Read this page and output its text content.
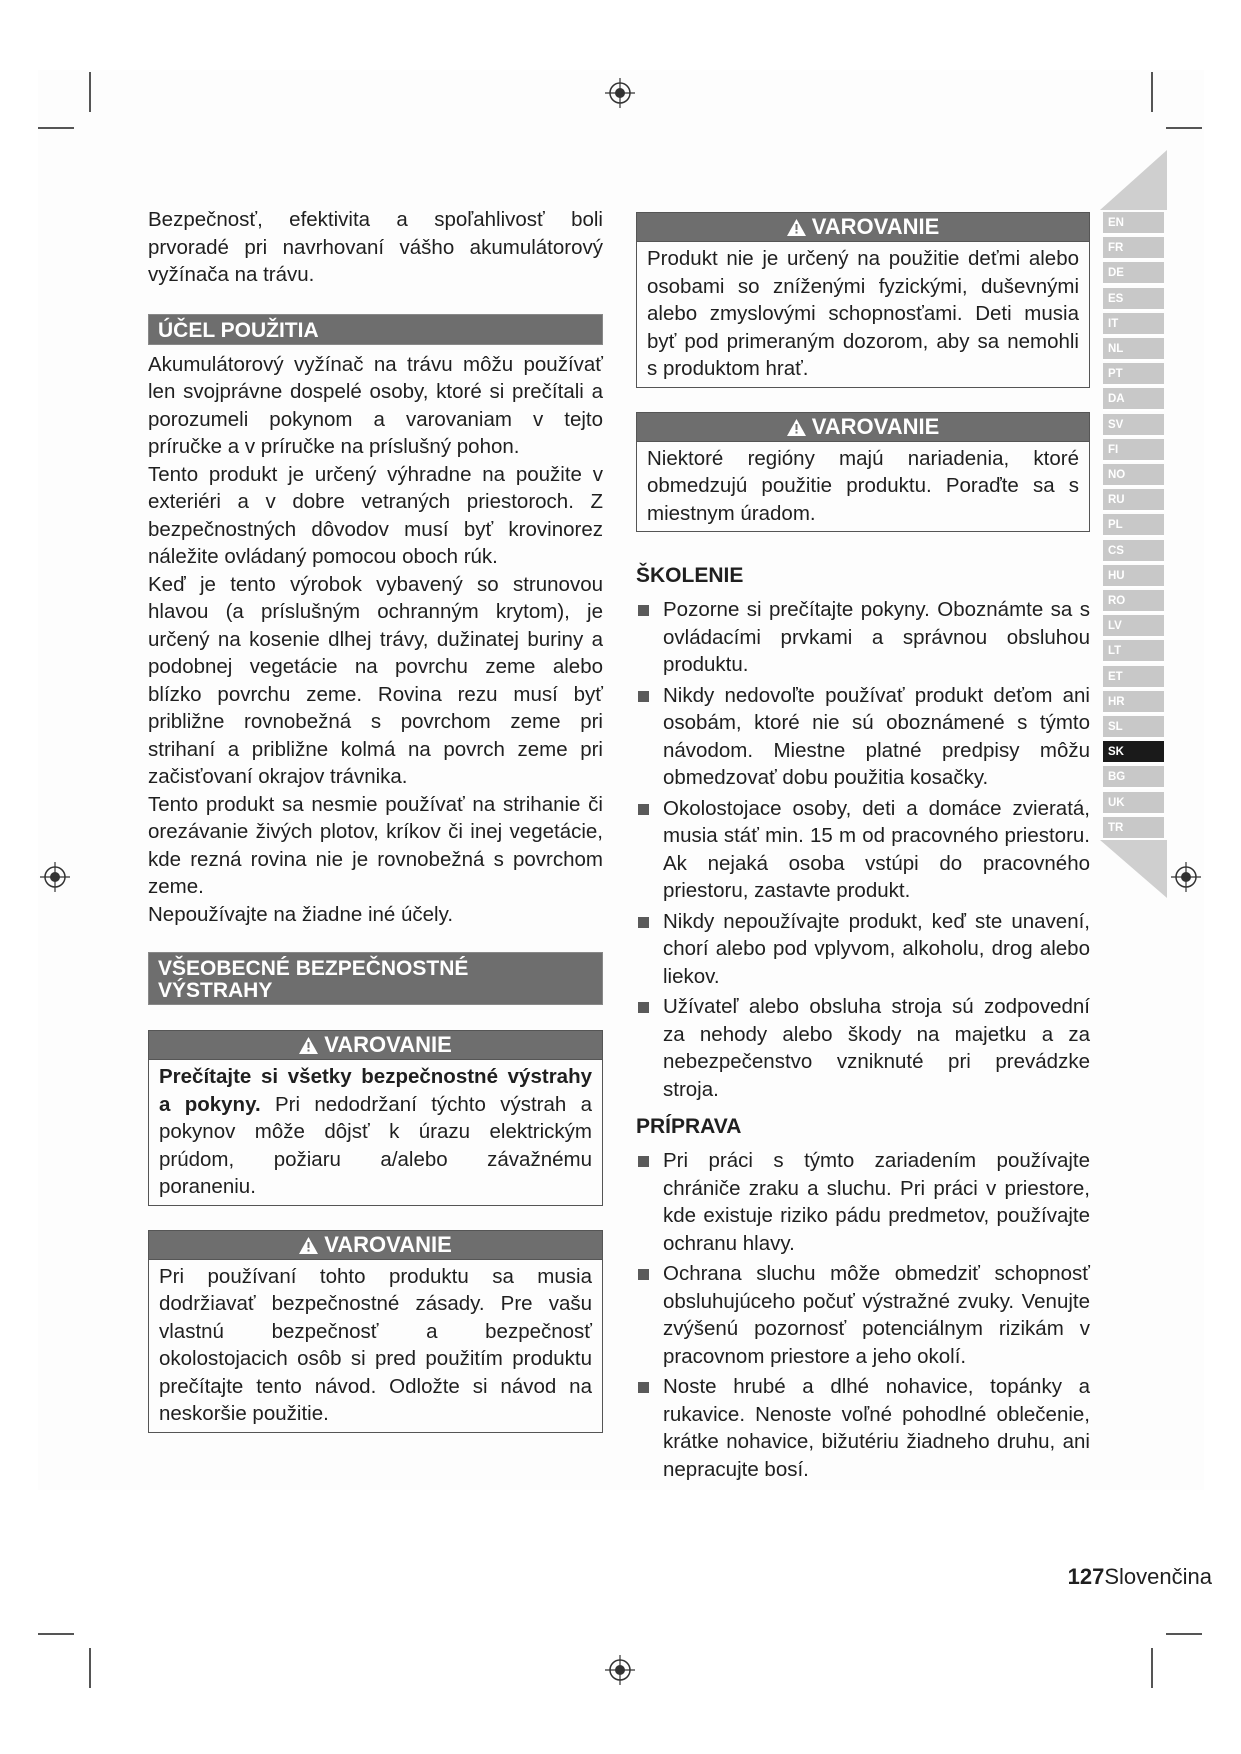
EN
FR
DE
ES
IT
NL
PT
DA
SV
FI
NO
RU
PL
CS
HU
RO
LV
LT
ET
HR
SL
SK
BG
UK
TR

Bezpečnosť, efektivita a spoľahlivosť boli prvoradé pri navrhovaní vášho akumulátorový vyžínača na trávu.

ÚČEL POUŽITIA

Akumulátorový vyžínač na trávu môžu používať len svojprávne dospelé osoby, ktoré si prečítali a porozumeli pokynom a varovaniam v tejto príručke a v príručke na príslušný pohon.

Tento produkt je určený výhradne na použite v exteriéri a v dobre vetraných priestoroch. Z bezpečnostných dôvodov musí byť krovinorez náležite ovládaný pomocou oboch rúk.

Keď je tento výrobok vybavený so strunovou hlavou (a príslušným ochranným krytom), je určený na kosenie dlhej trávy, dužinatej buriny a podobnej vegetácie na povrchu zeme alebo blízko povrchu zeme. Rovina rezu musí byť približne rovnobežná s povrchom zeme pri strihaní a približne kolmá na povrch zeme pri začisťovaní okrajov trávnika.

Tento produkt sa nesmie používať na strihanie či orezávanie živých plotov, kríkov či inej vegetácie, kde rezná rovina nie je rovnobežná s povrchom zeme.

Nepoužívajte na žiadne iné účely.

VŠEOBECNÉ BEZPEČNOSTNÉ VÝSTRAHY
VAROVANIE
Prečítajte si všetky bezpečnostné výstrahy a pokyny. Pri nedodržaní týchto výstrah a pokynov môže dôjsť k úrazu elektrickým prúdom, požiaru a/alebo závažnému poraneniu.
VAROVANIE
Pri používaní tohto produktu sa musia dodržiavať bezpečnostné zásady. Pre vašu vlastnú bezpečnosť a bezpečnosť okolostojacich osôb si pred použitím produktu prečítajte tento návod. Odložte si návod na neskoršie použitie.
VAROVANIE
Produkt nie je určený na použitie deťmi alebo osobami so zníženými fyzickými, duševnými alebo zmyslovými schopnosťami. Deti musia byť pod primeraným dozorom, aby sa nemohli s produktom hrať.
VAROVANIE
Niektoré regióny majú nariadenia, ktoré obmedzujú použitie produktu. Poraďte sa s miestnym úradom.
ŠKOLENIE
Pozorne si prečítajte pokyny. Oboznámte sa s ovládacími prvkami a správnou obsluhou produktu.
Nikdy nedovoľte používať produkt deťom ani osobám, ktoré nie sú oboznámené s týmto návodom. Miestne platné predpisy môžu obmedzovať dobu použitia kosačky.
Okolostojace osoby, deti a domáce zvieratá, musia stáť min. 15 m od pracovného priestoru. Ak nejaká osoba vstúpi do pracovného priestoru, zastavte produkt.
Nikdy nepoužívajte produkt, keď ste unavení, chorí alebo pod vplyvom, alkoholu, drog alebo liekov.
Užívateľ alebo obsluha stroja sú zodpovední za nehody alebo škody na majetku a za nebezpečenstvo vzniknuté pri prevádzke stroja.
PRÍPRAVA
Pri práci s týmto zariadením používajte chrániče zraku a sluchu. Pri práci v priestore, kde existuje riziko pádu predmetov, používajte ochranu hlavy.
Ochrana sluchu môže obmedziť schopnosť obsluhujúceho počuť výstražné zvuky. Venujte zvýšenú pozornosť potenciálnym rizikám v pracovnom priestore a jeho okolí.
Noste hrubé a dlhé nohavice, topánky a rukavice. Nenoste voľné pohodlné oblečenie, krátke nohavice, bižutériu žiadneho druhu, ani nepracujte bosí.
127Slovenčina
